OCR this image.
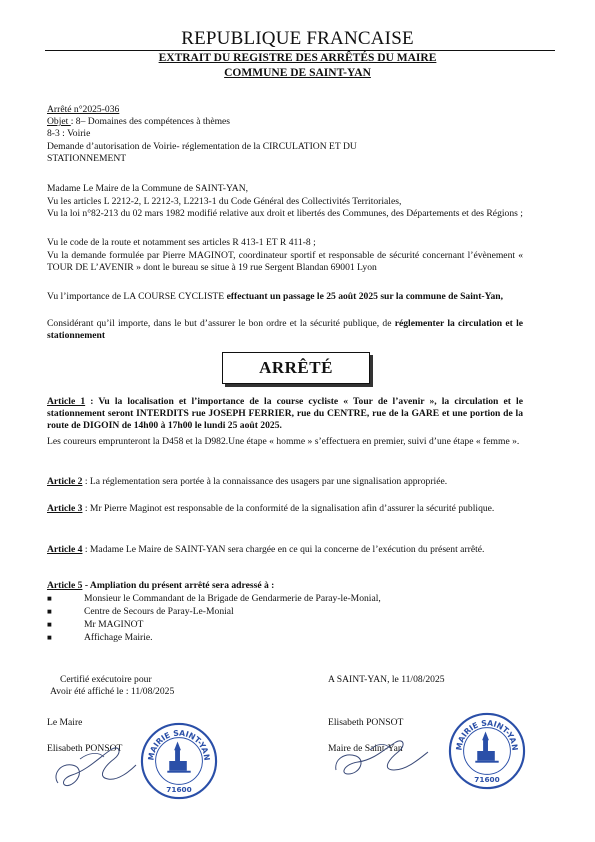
REPUBLIQUE FRANCAISE
EXTRAIT DU REGISTRE DES ARRÊTÉS DU MAIRE
COMMUNE DE SAINT-YAN
Arrêté n°2025-036
Objet : 8– Domaines des compétences à thèmes
8-3 : Voirie
Demande d’autorisation de Voirie- réglementation de la CIRCULATION ET DU
STATIONNEMENT
Madame Le Maire de la Commune de SAINT-YAN,
Vu les articles L 2212-2, L 2212-3, L2213-1 du Code Général des Collectivités Territoriales,
Vu la loi n°82-213 du 02 mars 1982 modifié relative aux droit et libertés des Communes, des Départements et des Régions ;
Vu le code de la route et notamment ses articles R 413-1 ET R 411-8 ;
Vu la demande formulée par Pierre MAGINOT, coordinateur sportif et responsable de sécurité concernant l’évènement « TOUR DE L’AVENIR » dont le bureau se situe à 19 rue Sergent Blandan 69001 Lyon
Vu l’importance de LA COURSE CYCLISTE effectuant un passage le 25 août 2025 sur la commune de Saint-Yan,
Considérant qu’il importe, dans le but d’assurer le bon ordre et la sécurité publique, de réglementer la circulation et le stationnement
ARRÊTÉ
Article 1 : Vu la localisation et l’importance de la course cycliste « Tour de l’avenir », la circulation et le stationnement seront INTERDITS rue JOSEPH FERRIER, rue du CENTRE, rue de la GARE et une portion de la route de DIGOIN de 14h00 à 17h00 le lundi 25 août 2025.
Les coureurs emprunteront la D458 et la D982.Une étape « homme » s’effectuera en premier, suivi d’une étape « femme ».
Article 2 : La réglementation sera portée à la connaissance des usagers par une signalisation appropriée.
Article 3 : Mr Pierre Maginot est responsable de la conformité de la signalisation afin d’assurer la sécurité publique.
Article 4 : Madame Le Maire de SAINT-YAN sera chargée en ce qui la concerne de l’exécution du présent arrêté.
Article 5 - Ampliation du présent arrêté sera adressé à :
■	Monsieur le Commandant de la Brigade de Gendarmerie de Paray-le-Monial,
■	Centre de Secours de Paray-Le-Monial
■	Mr MAGINOT
■	Affichage Mairie.
Certifié exécutoire pour
Avoir été affiché le : 11/08/2025
A SAINT-YAN, le 11/08/2025
Le Maire	Elisabeth PONSOT
Elisabeth PONSOT	Maire de Saint-Yan
MAIRIE SAINT-YAN
71600
MAIRIE SAINT-YAN
71600
